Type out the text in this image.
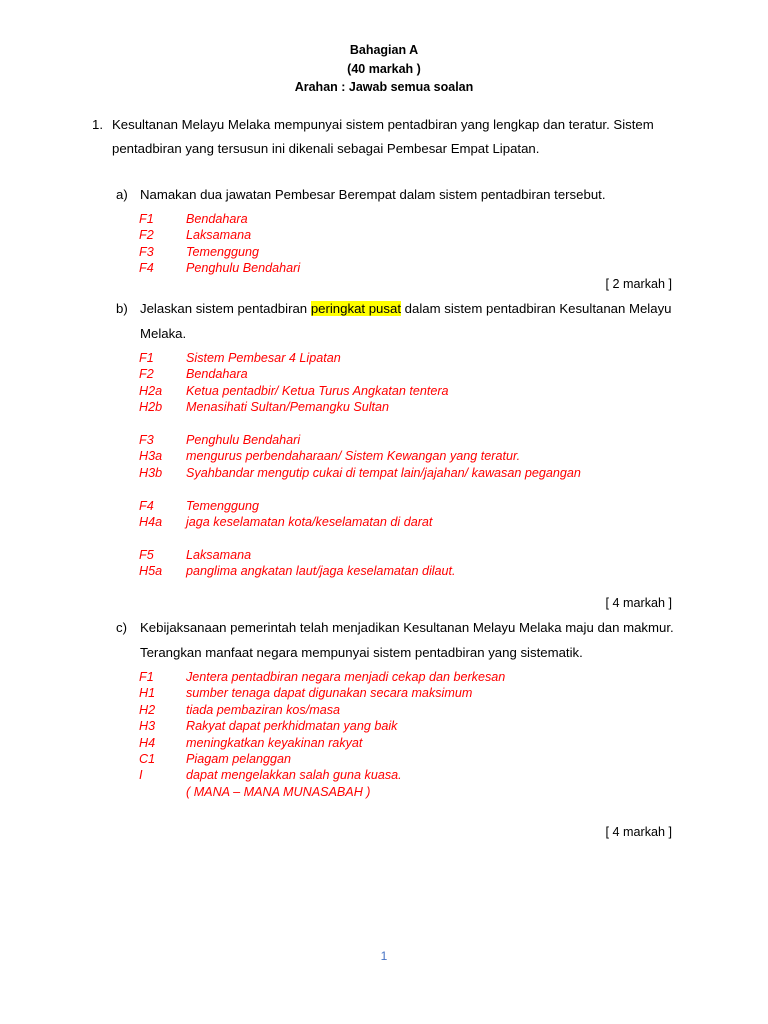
Bahagian A
(40 markah )
Arahan : Jawab semua soalan
1. Kesultanan Melayu Melaka mempunyai sistem pentadbiran yang lengkap dan teratur. Sistem pentadbiran yang tersusun ini dikenali sebagai Pembesar Empat Lipatan.
a) Namakan dua jawatan Pembesar Berempat dalam sistem pentadbiran tersebut.
F1	Bendahara
F2	Laksamana
F3	Temenggung
F4	Penghulu Bendahari
[ 2 markah ]
b) Jelaskan sistem pentadbiran peringkat pusat dalam sistem pentadbiran Kesultanan Melayu Melaka.
F1	Sistem Pembesar 4 Lipatan
F2	Bendahara
H2a Ketua pentadbir/ Ketua Turus Angkatan tentera
H2b Menasihati Sultan/Pemangku Sultan
F3	Penghulu Bendahari
H3a mengurus perbendaharaan/ Sistem Kewangan yang teratur.
H3b Syahbandar mengutip cukai di tempat lain/jajahan/ kawasan pegangan
F4	Temenggung
H4a jaga keselamatan kota/keselamatan di darat
F5	Laksamana
H5a panglima angkatan laut/jaga keselamatan dilaut.
[ 4 markah ]
c) Kebijaksanaan pemerintah telah menjadikan Kesultanan Melayu Melaka maju dan makmur. Terangkan manfaat negara mempunyai sistem pentadbiran yang sistematik.
F1	Jentera pentadbiran negara menjadi cekap dan berkesan
H1 sumber tenaga dapat digunakan secara maksimum
H2 tiada pembaziran kos/masa
H3 Rakyat dapat perkhidmatan yang baik
H4 meningkatkan keyakinan rakyat
C1 Piagam pelanggan
I	dapat mengelakkan salah guna kuasa.
( MANA – MANA MUNASABAH )
[ 4 markah ]
1
